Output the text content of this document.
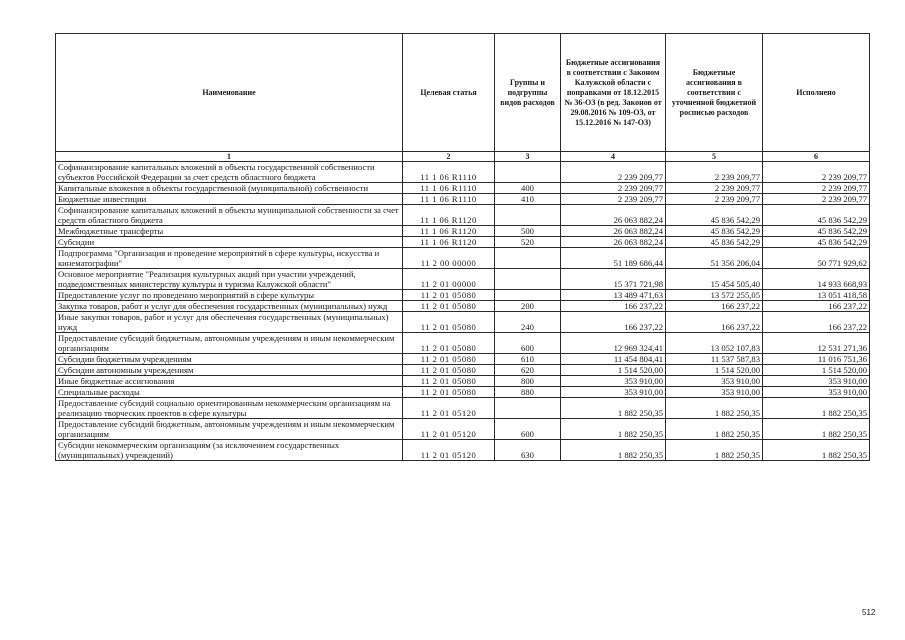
Наименование	Целевая статья	Группы и подгруппы видов расходов	Бюджетные ассигнования в соответствии с Законом Калужской области с поправками от 18.12.2015 № 36-ОЗ (в ред. Законов от 29.08.2016 № 109-ОЗ, от 15.12.2016 № 147-ОЗ)	Бюджетные ассигнования в соответствии с уточненной бюджетной росписью расходов	Исполнено
1	2	3	4	5	6
Софинансирование капитальных вложений в объекты государственной собственности субъектов Российской Федерации за счет средств областного бюджета	11 1 06 R1110		2 239 209,77	2 239 209,77	2 239 209,77
Капитальные вложения в объекты государственной (муниципальной) собственности	11 1 06 R1110	400	2 239 209,77	2 239 209,77	2 239 209,77
Бюджетные инвестиции	11 1 06 R1110	410	2 239 209,77	2 239 209,77	2 239 209,77
Софинансирование капитальных вложений в объекты муниципальной собственности за счет средств областного бюджета	11 1 06 R1120		26 063 882,24	45 836 542,29	45 836 542,29
Межбюджетные трансферты	11 1 06 R1120	500	26 063 882,24	45 836 542,29	45 836 542,29
Субсидии	11 1 06 R1120	520	26 063 882,24	45 836 542,29	45 836 542,29
Подпрограмма "Организация и проведение мероприятий в сфере культуры, искусства и кинематографии"	11 2 00 00000		51 189 686,44	51 356 206,04	50 771 929,62
Основное мероприятие "Реализация культурных акций при участии учреждений, подведомственных министерству культуры и туризма Калужской области"	11 2 01 00000		15 371 721,98	15 454 505,40	14 933 668,93
Предоставление услуг по проведению мероприятий в сфере культуры	11 2 01 05080		13 489 471,63	13 572 255,05	13 051 418,58
Закупка товаров, работ и услуг для обеспечения государственных (муниципальных) нужд	11 2 01 05080	200	166 237,22	166 237,22	166 237,22
Иные закупки товаров, работ и услуг для обеспечения государственных (муниципальных) нужд	11 2 01 05080	240	166 237,22	166 237,22	166 237,22
Предоставление субсидий бюджетным, автономным учреждениям и иным некоммерческим организациям	11 2 01 05080	600	12 969 324,41	13 052 107,83	12 531 271,36
Субсидии бюджетным учреждениям	11 2 01 05080	610	11 454 804,41	11 537 587,83	11 016 751,36
Субсидии автономным учреждениям	11 2 01 05080	620	1 514 520,00	1 514 520,00	1 514 520,00
Иные бюджетные ассигнования	11 2 01 05080	800	353 910,00	353 910,00	353 910,00
Специальные расходы	11 2 01 05080	880	353 910,00	353 910,00	353 910,00
Предоставление субсидий социально ориентированным некоммерческим организациям на реализацию творческих проектов в сфере культуры	11 2 01 05120		1 882 250,35	1 882 250,35	1 882 250,35
Предоставление субсидий бюджетным, автономным учреждениям и иным некоммерческим организациям	11 2 01 05120	600	1 882 250,35	1 882 250,35	1 882 250,35
Субсидии некоммерческим организациям (за исключением государственных (муниципальных) учреждений)	11 2 01 05120	630	1 882 250,35	1 882 250,35	1 882 250,35
512
